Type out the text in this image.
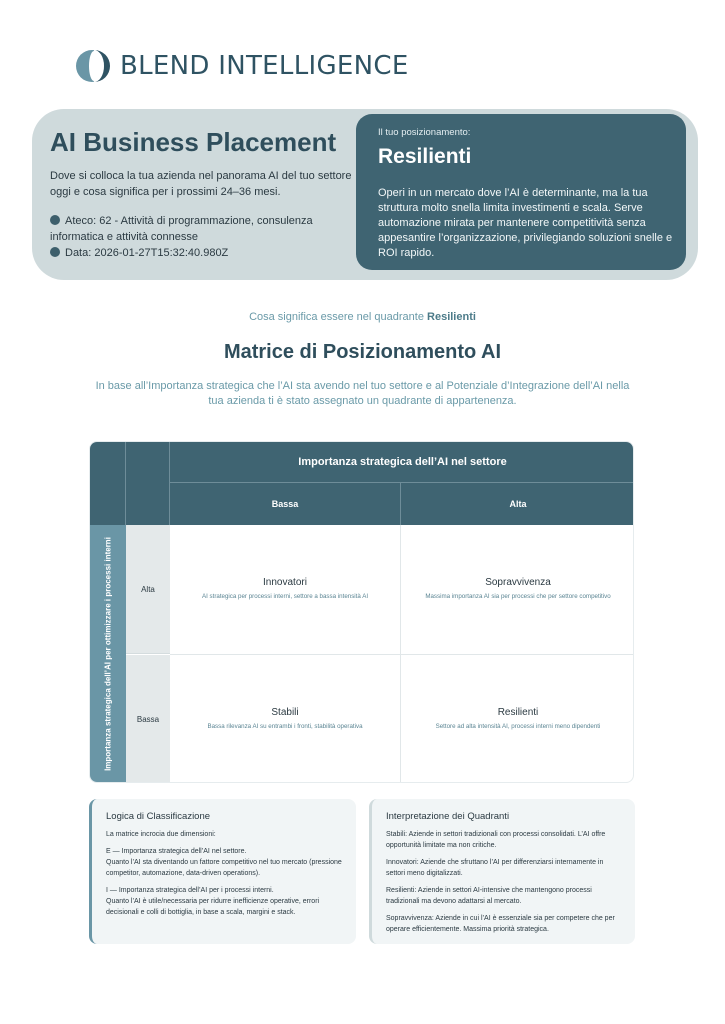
BLEND INTELLIGENCE
AI Business Placement
Dove si colloca la tua azienda nel panorama AI del tuo settore oggi e cosa significa per i prossimi 24–36 mesi.
Ateco: 62 - Attività di programmazione, consulenza informatica e attività connesse
Data: 2026-01-27T15:32:40.980Z
Il tuo posizionamento:
Resilienti
Operi in un mercato dove l’AI è determinante, ma la tua struttura molto snella limita investimenti e scala. Serve automazione mirata per mantenere competitività senza appesantire l’organizzazione, privilegiando soluzioni snelle e ROI rapido.
Cosa significa essere nel quadrante Resilienti
Matrice di Posizionamento AI
In base all’Importanza strategica che l’AI sta avendo nel tuo settore e al Potenziale d’Integrazione dell’AI nella tua azienda ti è stato assegnato un quadrante di appartenenza.
Importanza strategica dell’AI nel settore
Bassa	Alta
Importanza strategica dell’AI per ottimizzare i processi interni	Alta
Bassa
Innovatori
AI strategica per processi interni, settore a bassa intensità AI
Sopravvivenza
Massima importanza AI sia per processi che per settore competitivo
Stabili
Bassa rilevanza AI su entrambi i fronti, stabilità operativa
Resilienti
Settore ad alta intensità AI, processi interni meno dipendenti
Logica di Classificazione

La matrice incrocia due dimensioni:

E — Importanza strategica dell’AI nel settore.

Quanto l’AI sta diventando un fattore competitivo nel tuo mercato (pressione competitor, automazione, data-driven operations).

I — Importanza strategica dell’AI per i processi interni.

Quanto l’AI è utile/necessaria per ridurre inefficienze operative, errori decisionali e colli di bottiglia, in base a scala, margini e stack.

Interpretazione dei Quadranti

Stabili: Aziende in settori tradizionali con processi consolidati. L’AI offre opportunità limitate ma non critiche.

Innovatori: Aziende che sfruttano l’AI per differenziarsi internamente in settori meno digitalizzati.

Resilienti: Aziende in settori AI-intensive che mantengono processi tradizionali ma devono adattarsi al mercato.

Sopravvivenza: Aziende in cui l’AI è essenziale sia per competere che per operare efficientemente. Massima priorità strategica.
